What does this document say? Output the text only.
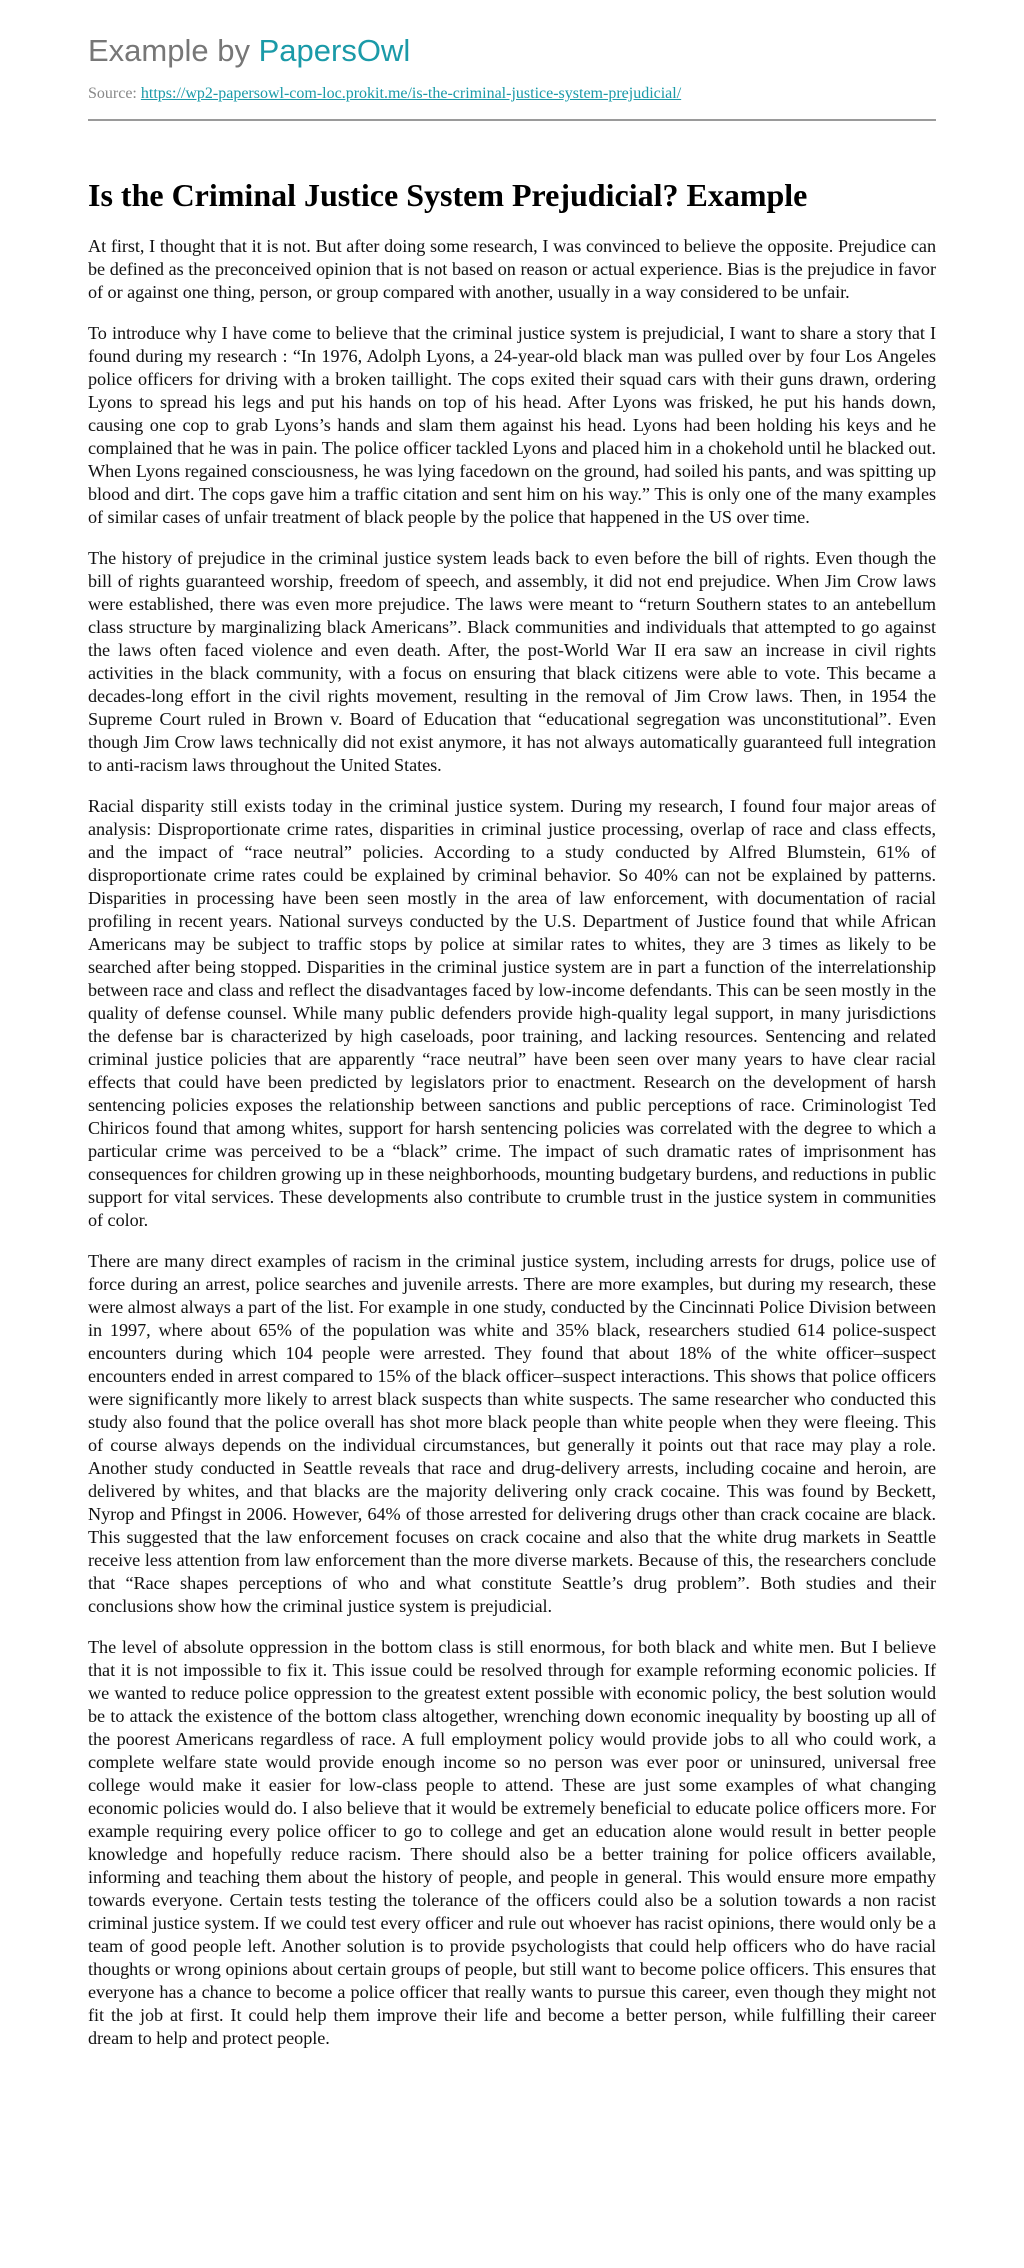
Example by PapersOwl
Source: https://wp2-papersowl-com-loc.prokit.me/is-the-criminal-justice-system-prejudicial/
Is the Criminal Justice System Prejudicial? Example

At first, I thought that it is not. But after doing some research, I was convinced to believe the opposite. Prejudice can be defined as the preconceived opinion that is not based on reason or actual experience. Bias is the prejudice in favor of or against one thing, person, or group compared with another, usually in a way considered to be unfair.

To introduce why I have come to believe that the criminal justice system is prejudicial, I want to share a story that I found during my research : “In 1976, Adolph Lyons, a 24-year-old black man was pulled over by four Los Angeles police officers for driving with a broken taillight. The cops exited their squad cars with their guns drawn, ordering Lyons to spread his legs and put his hands on top of his head. After Lyons was frisked, he put his hands down, causing one cop to grab Lyons’s hands and slam them against his head. Lyons had been holding his keys and he complained that he was in pain. The police officer tackled Lyons and placed him in a chokehold until he blacked out. When Lyons regained consciousness, he was lying facedown on the ground, had soiled his pants, and was spitting up blood and dirt. The cops gave him a traffic citation and sent him on his way.” This is only one of the many examples of similar cases of unfair treatment of black people by the police that happened in the US over time.

The history of prejudice in the criminal justice system leads back to even before the bill of rights. Even though the bill of rights guaranteed worship, freedom of speech, and assembly, it did not end prejudice. When Jim Crow laws were established, there was even more prejudice. The laws were meant to “return Southern states to an antebellum class structure by marginalizing black Americans”. Black communities and individuals that attempted to go against the laws often faced violence and even death. After, the post-World War II era saw an increase in civil rights activities in the black community, with a focus on ensuring that black citizens were able to vote. This became a decades-long effort in the civil rights movement, resulting in the removal of Jim Crow laws. Then, in 1954 the Supreme Court ruled in Brown v. Board of Education that “educational segregation was unconstitutional”. Even though Jim Crow laws technically did not exist anymore, it has not always automatically guaranteed full integration to anti-racism laws throughout the United States.

Racial disparity still exists today in the criminal justice system. During my research, I found four major areas of analysis: Disproportionate crime rates, disparities in criminal justice processing, overlap of race and class effects, and the impact of “race neutral” policies. According to a study conducted by Alfred Blumstein, 61% of disproportionate crime rates could be explained by criminal behavior. So 40% can not be explained by patterns. Disparities in processing have been seen mostly in the area of law enforcement, with documentation of racial profiling in recent years. National surveys conducted by the U.S. Department of Justice found that while African Americans may be subject to traffic stops by police at similar rates to whites, they are 3 times as likely to be searched after being stopped. Disparities in the criminal justice system are in part a function of the interrelationship between race and class and reflect the disadvantages faced by low-income defendants. This can be seen mostly in the quality of defense counsel. While many public defenders provide high-quality legal support, in many jurisdictions the defense bar is characterized by high caseloads, poor training, and lacking resources. Sentencing and related criminal justice policies that are apparently “race neutral” have been seen over many years to have clear racial effects that could have been predicted by legislators prior to enactment. Research on the development of harsh sentencing policies exposes the relationship between sanctions and public perceptions of race. Criminologist Ted Chiricos found that among whites, support for harsh sentencing policies was correlated with the degree to which a particular crime was perceived to be a “black” crime. The impact of such dramatic rates of imprisonment has consequences for children growing up in these neighborhoods, mounting budgetary burdens, and reductions in public support for vital services. These developments also contribute to crumble trust in the justice system in communities of color.

There are many direct examples of racism in the criminal justice system, including arrests for drugs, police use of force during an arrest, police searches and juvenile arrests. There are more examples, but during my research, these were almost always a part of the list. For example in one study, conducted by the Cincinnati Police Division between in 1997, where about 65% of the population was white and 35% black, researchers studied 614 police-suspect encounters during which 104 people were arrested. They found that about 18% of the white officer–suspect encounters ended in arrest compared to 15% of the black officer–suspect interactions. This shows that police officers were significantly more likely to arrest black suspects than white suspects. The same researcher who conducted this study also found that the police overall has shot more black people than white people when they were fleeing. This of course always depends on the individual circumstances, but generally it points out that race may play a role. Another study conducted in Seattle reveals that race and drug-delivery arrests, including cocaine and heroin, are delivered by whites, and that blacks are the majority delivering only crack cocaine. This was found by Beckett, Nyrop and Pfingst in 2006. However, 64% of those arrested for delivering drugs other than crack cocaine are black. This suggested that the law enforcement focuses on crack cocaine and also that the white drug markets in Seattle receive less attention from law enforcement than the more diverse markets. Because of this, the researchers conclude that “Race shapes perceptions of who and what constitute Seattle’s drug problem”. Both studies and their conclusions show how the criminal justice system is prejudicial.

The level of absolute oppression in the bottom class is still enormous, for both black and white men. But I believe that it is not impossible to fix it. This issue could be resolved through for example reforming economic policies. If we wanted to reduce police oppression to the greatest extent possible with economic policy, the best solution would be to attack the existence of the bottom class altogether, wrenching down economic inequality by boosting up all of the poorest Americans regardless of race. A full employment policy would provide jobs to all who could work, a complete welfare state would provide enough income so no person was ever poor or uninsured, universal free college would make it easier for low-class people to attend. These are just some examples of what changing economic policies would do. I also believe that it would be extremely beneficial to educate police officers more. For example requiring every police officer to go to college and get an education alone would result in better people knowledge and hopefully reduce racism. There should also be a better training for police officers available, informing and teaching them about the history of people, and people in general. This would ensure more empathy towards everyone. Certain tests testing the tolerance of the officers could also be a solution towards a non racist criminal justice system. If we could test every officer and rule out whoever has racist opinions, there would only be a team of good people left. Another solution is to provide psychologists that could help officers who do have racial thoughts or wrong opinions about certain groups of people, but still want to become police officers. This ensures that everyone has a chance to become a police officer that really wants to pursue this career, even though they might not fit the job at first. It could help them improve their life and become a better person, while fulfilling their career dream to help and protect people.
